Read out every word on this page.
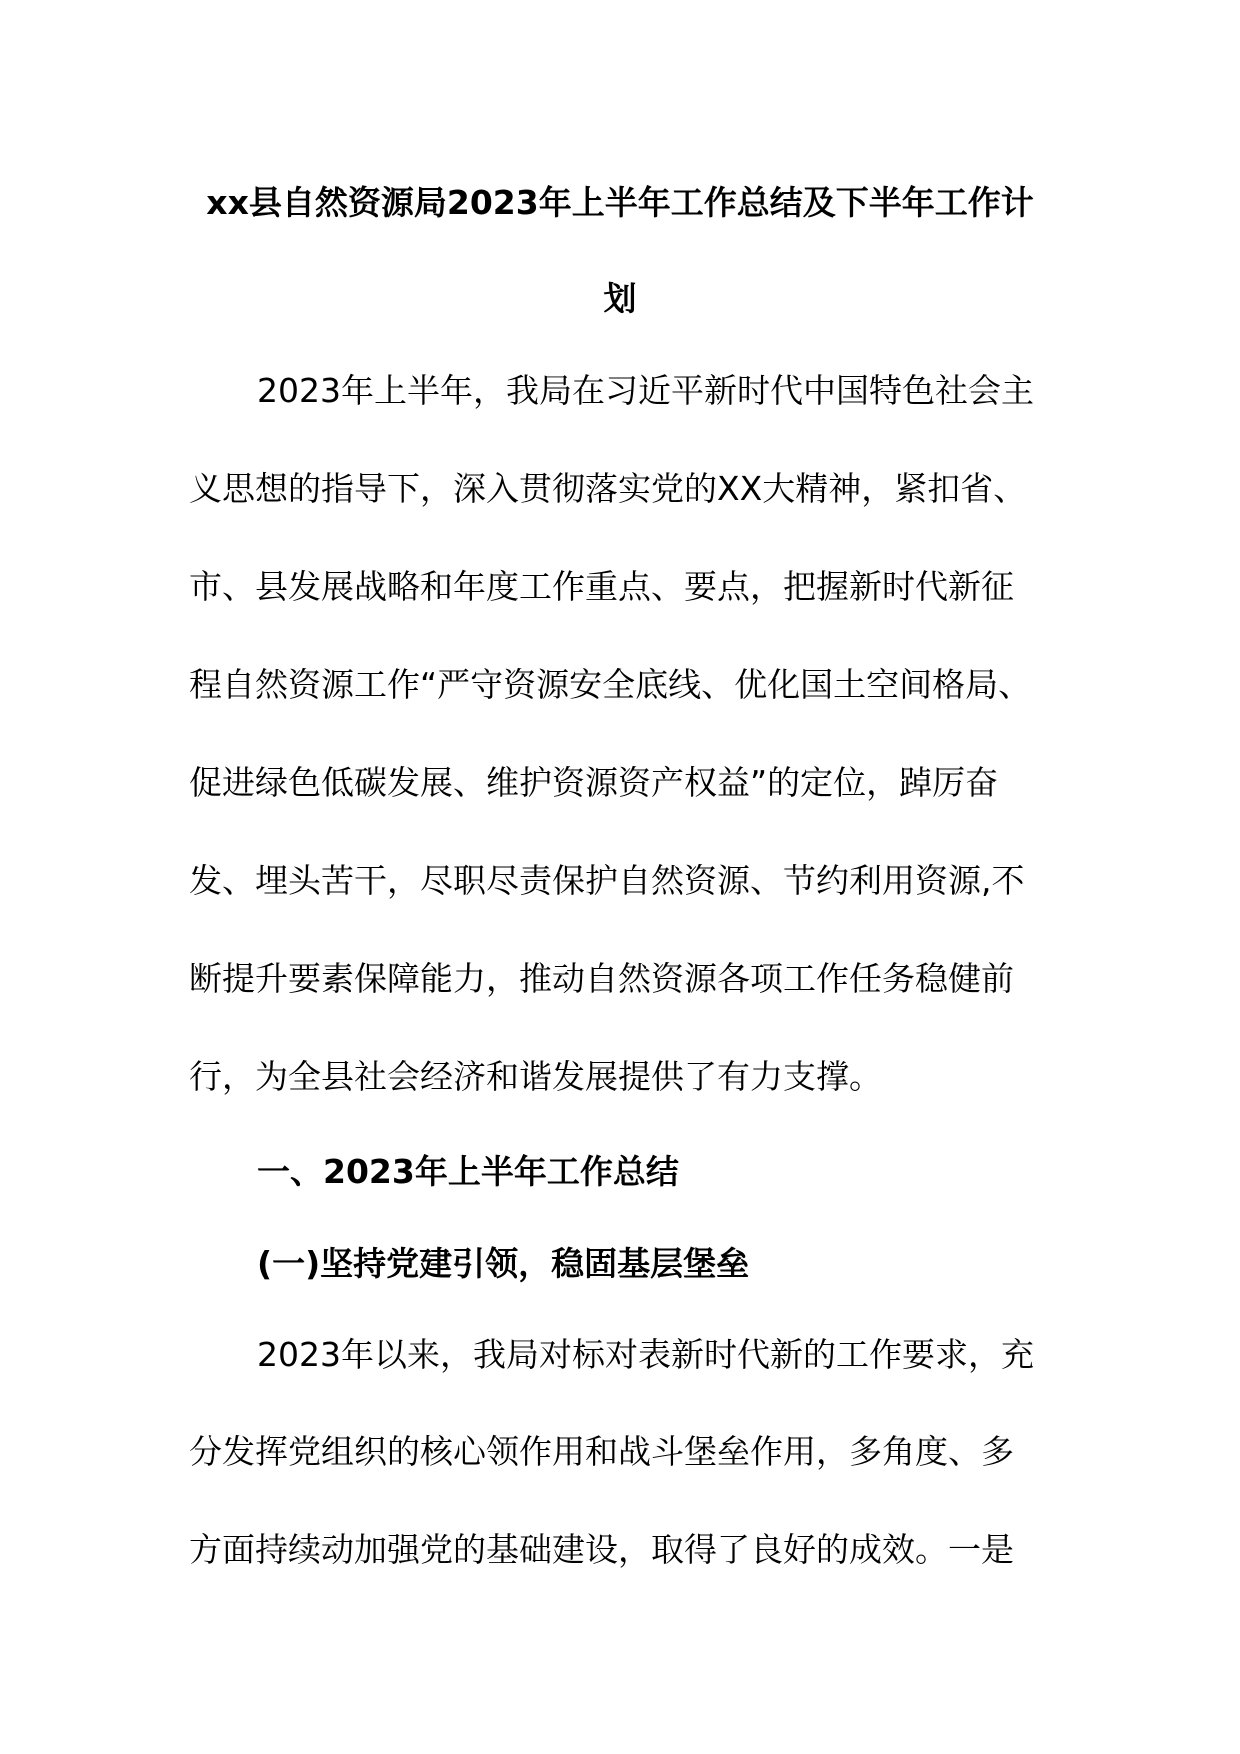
xx县自然资源局2023年上半年工作总结及下半年工作计
划
2023年上半年，我局在习近平新时代中国特色社会主
义思想的指导下，深入贯彻落实党的XX大精神，紧扣省、
市、县发展战略和年度工作重点、要点，把握新时代新征
程自然资源工作“严守资源安全底线、优化国土空间格局、
促进绿色低碳发展、维护资源资产权益”的定位，踔厉奋
发、埋头苦干，尽职尽责保护自然资源、节约利用资源,不
断提升要素保障能力，推动自然资源各项工作任务稳健前
行，为全县社会经济和谐发展提供了有力支撑。
一、2023年上半年工作总结
(一)坚持党建引领，稳固基层堡垒
2023年以来，我局对标对表新时代新的工作要求，充
分发挥党组织的核心领作用和战斗堡垒作用，多角度、多
方面持续动加强党的基础建设，取得了良好的成效。一是
